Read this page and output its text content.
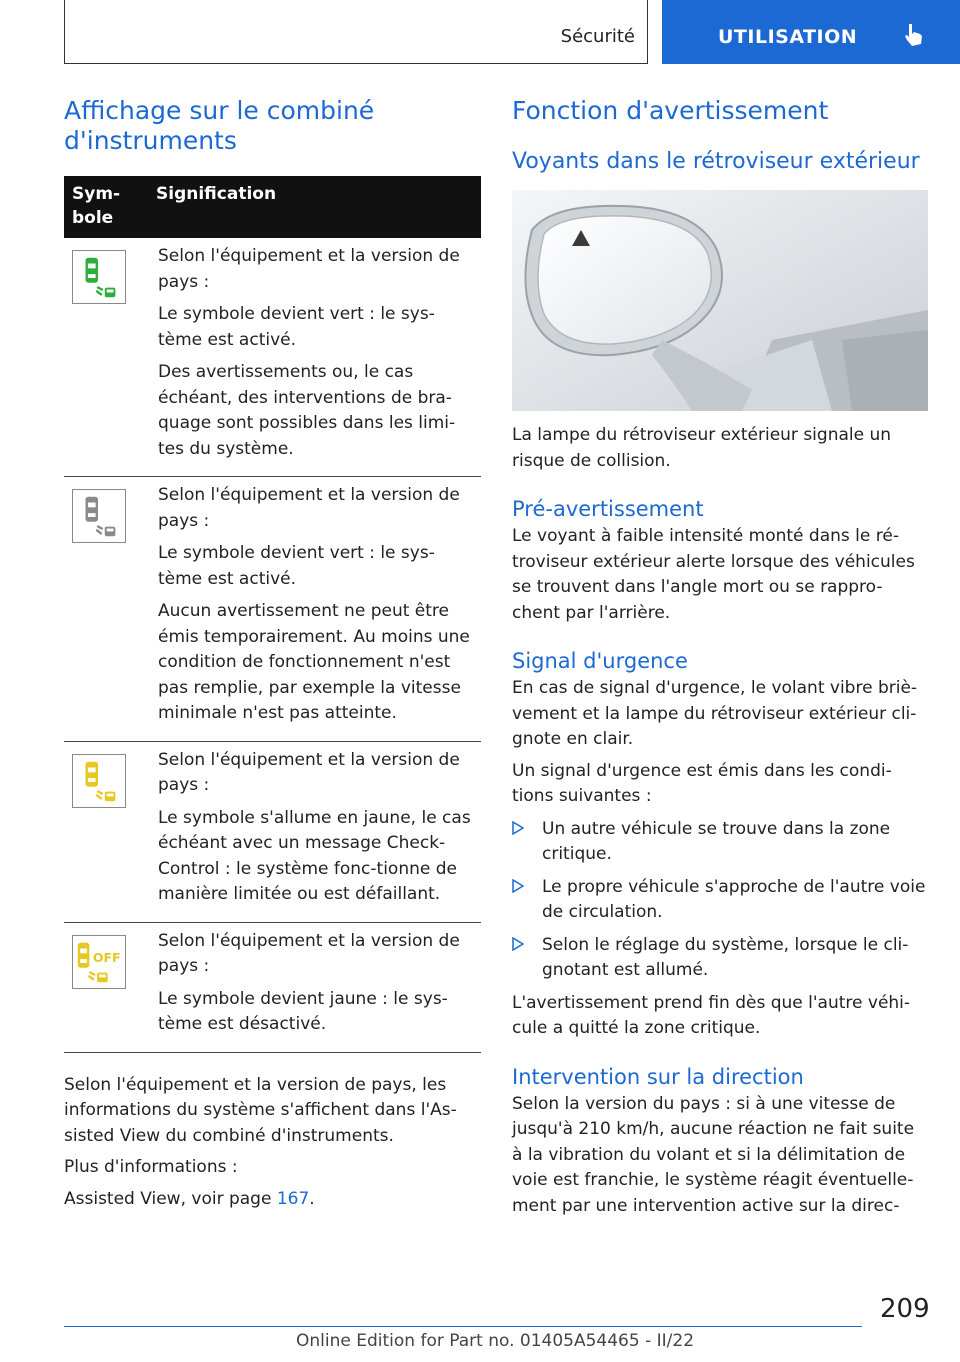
Sécurité	UTILISATION
Affichage sur le combiné d'instruments
Sym-
bole	Signification

Selon l'équipement et la version de pays :

Le symbole devient vert : le sys-tème est activé.

Des avertissements ou, le cas échéant, des interventions de bra-quage sont possibles dans les limi-tes du système.

Selon l'équipement et la version de pays :

Le symbole devient vert : le sys-tème est activé.

Aucun avertissement ne peut être émis temporairement. Au moins une condition de fonctionnement n'est pas remplie, par exemple la vitesse minimale n'est pas atteinte.

Selon l'équipement et la version de pays :

Le symbole s'allume en jaune, le cas échéant avec un message Check-Control : le système fonc-tionne de manière limitée ou est défaillant.

OFF	Selon l'équipement et la version de pays :

Le symbole devient jaune : le sys-tème est désactivé.

Selon l'équipement et la version de pays, les informations du système s'affichent dans l'As-sisted View du combiné d'instruments.

Plus d'informations :

Assisted View, voir page 167.

Fonction d'avertissement
Voyants dans le rétroviseur extérieur

La lampe du rétroviseur extérieur signale un risque de collision.

Pré-avertissement

Le voyant à faible intensité monté dans le ré-troviseur extérieur alerte lorsque des véhicules se trouvent dans l'angle mort ou se rappro-chent par l'arrière.

Signal d'urgence

En cas de signal d'urgence, le volant vibre briè-vement et la lampe du rétroviseur extérieur cli-gnote en clair.

Un signal d'urgence est émis dans les condi-tions suivantes :

Un autre véhicule se trouve dans la zone critique.
Le propre véhicule s'approche de l'autre voie de circulation.
Selon le réglage du système, lorsque le cli-gnotant est allumé.

L'avertissement prend fin dès que l'autre véhi-cule a quitté la zone critique.

Intervention sur la direction

Selon la version du pays : si à une vitesse de jusqu'à 210 km/h, aucune réaction ne fait suite à la vibration du volant et si la délimitation de voie est franchie, le système réagit éventuelle-ment par une intervention active sur la direc-

209
Online Edition for Part no. 01405A54465 - II/22
